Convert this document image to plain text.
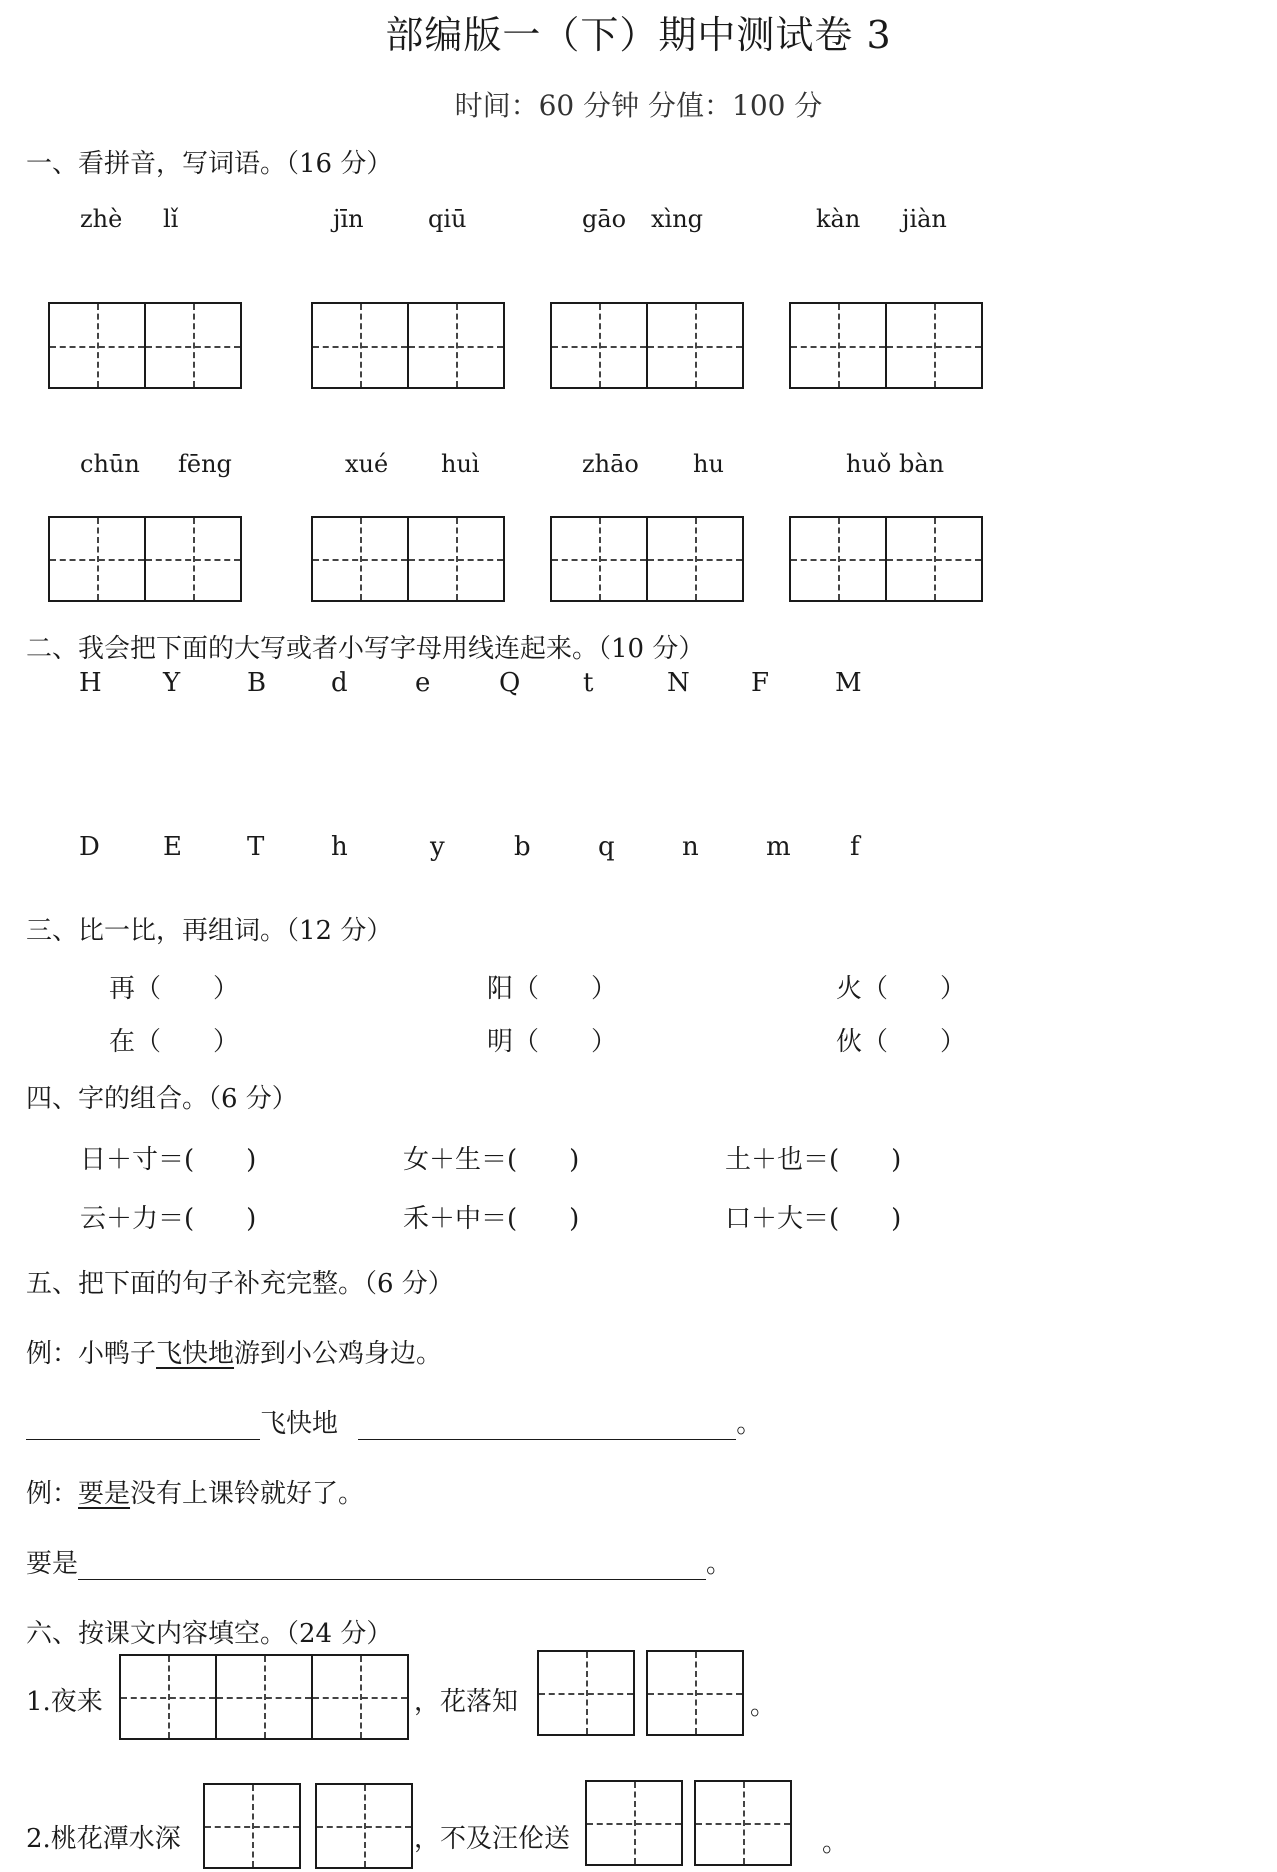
部编版一（下）期中测试卷 3
时间：60 分钟 分值：100 分
一、看拼音，写词语。（16 分）
zhè lǐ	jīn	qiū	gāo xìng	kàn jiàn
chūn fēng	xué huì	zhāo hu	huǒ bàn
二、我会把下面的大写或者小写字母用线连起来。（10 分）
H Y	B d	e	Q t	N F	M
D E	T	h	y	b	q	n	m f
三、比一比，再组词。（12 分）
再（　　）	阳（　　）	火（　　）
在（　　）	明（　　）	伙（　　）
四、字的组合。（6 分）
日＋寸＝(　　)	女＋生＝(　　)	土＋也＝(　　)
云＋力＝(　　)	禾＋中＝(　　)	口＋大＝(　　)
五、把下面的句子补充完整。（6 分）
例：小鸭子飞快地游到小公鸡身边。
飞快地	。
例：要是没有上课铃就好了。
要是	。
六、按课文内容填空。（24 分）
1.夜来	，花落知	。
2.桃花潭水深	，不及汪伦送	。
